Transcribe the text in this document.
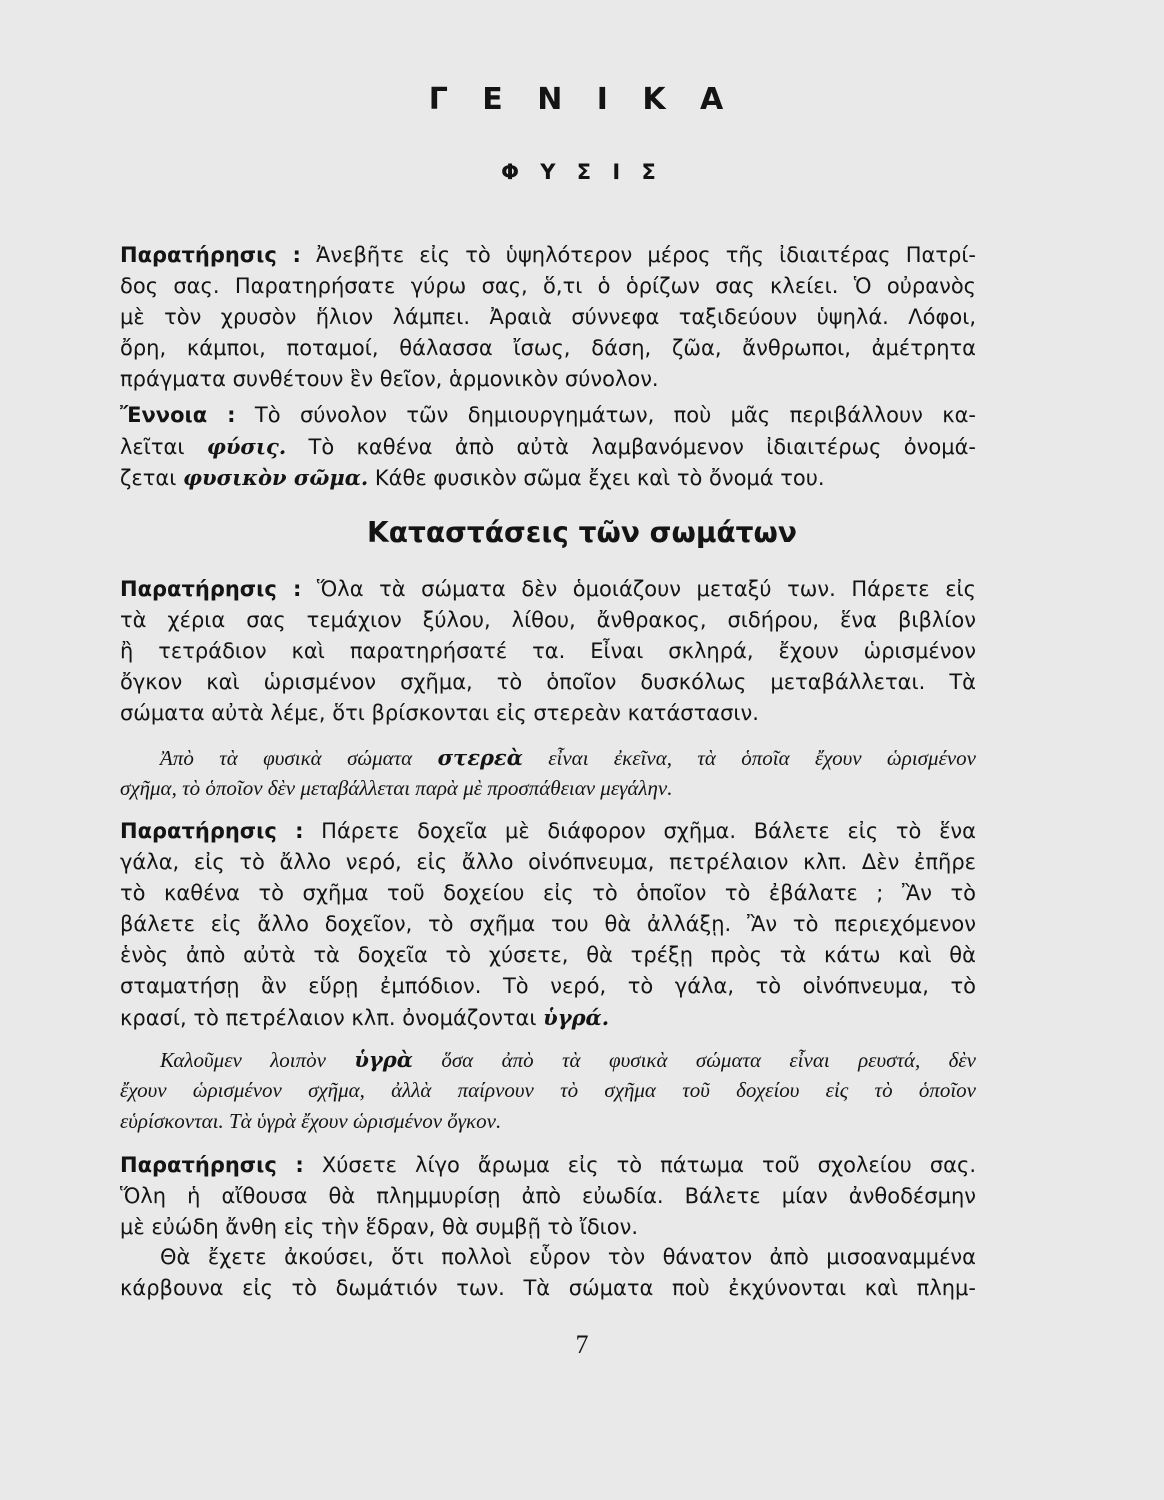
Γ Ε Ν Ι Κ Α
Φ Υ Σ Ι Σ
Παρατήρησις : Ἀνεβῆτε εἰς τὸ ὑψηλότερον μέρος τῆς ἰδιαιτέρας Πατρί-
δος σας. Παρατηρήσατε γύρω σας, ὅ,τι ὁ ὁρίζων σας κλείει. Ὁ οὐρανὸς
μὲ τὸν χρυσὸν ἥλιον λάμπει. Ἀραιὰ σύννεφα ταξιδεύουν ὑψηλά. Λόφοι,
ὄρη, κάμποι, ποταμοί, θάλασσα ἴσως, δάση, ζῶα, ἄνθρωποι, ἀμέτρητα
πράγματα συνθέτουν ἓν θεῖον, ἁρμονικὸν σύνολον.
Ἔννοια : Τὸ σύνολον τῶν δημιουργημάτων, ποὺ μᾶς περιβάλλουν κα-
λεῖται φύσις. Τὸ καθένα ἀπὸ αὐτὰ λαμβανόμενον ἰδιαιτέρως ὀνομά-
ζεται φυσικὸν σῶμα. Κάθε φυσικὸν σῶμα ἔχει καὶ τὸ ὄνομά του.
Καταστάσεις τῶν σωμάτων
Παρατήρησις : Ὅλα τὰ σώματα δὲν ὁμοιάζουν μεταξύ των. Πάρετε εἰς
τὰ χέρια σας τεμάχιον ξύλου, λίθου, ἄνθρακος, σιδήρου, ἕνα βιβλίον
ἢ τετράδιον καὶ παρατηρήσατέ τα. Εἶναι σκληρά, ἔχουν ὡρισμένον
ὄγκον καὶ ὡρισμένον σχῆμα, τὸ ὁποῖον δυσκόλως μεταβάλλεται. Τὰ
σώματα αὐτὰ λέμε, ὅτι βρίσκονται εἰς στερεὰν κατάστασιν.
Ἀπὸ τὰ φυσικὰ σώματα στερεὰ εἶναι ἐκεῖνα, τὰ ὁποῖα ἔχουν ὡρισμένον
σχῆμα, τὸ ὁποῖον δὲν μεταβάλλεται παρὰ μὲ προσπάθειαν μεγάλην.
Παρατήρησις : Πάρετε δοχεῖα μὲ διάφορον σχῆμα. Βάλετε εἰς τὸ ἕνα
γάλα, εἰς τὸ ἄλλο νερό, εἰς ἄλλο οἰνόπνευμα, πετρέλαιον κλπ. Δὲν ἐπῆρε
τὸ καθένα τὸ σχῆμα τοῦ δοχείου εἰς τὸ ὁποῖον τὸ ἐβάλατε ; Ἂν τὸ
βάλετε εἰς ἄλλο δοχεῖον, τὸ σχῆμα του θὰ ἀλλάξῃ. Ἂν τὸ περιεχόμενον
ἑνὸς ἀπὸ αὐτὰ τὰ δοχεῖα τὸ χύσετε, θὰ τρέξῃ πρὸς τὰ κάτω καὶ θὰ
σταματήσῃ ἂν εὕρῃ ἐμπόδιον. Τὸ νερό, τὸ γάλα, τὸ οἰνόπνευμα, τὸ
κρασί, τὸ πετρέλαιον κλπ. ὀνομάζονται ὑγρά.
Καλοῦμεν λοιπὸν ὑγρὰ ὅσα ἀπὸ τὰ φυσικὰ σώματα εἶναι ρευστά, δὲν
ἔχουν ὡρισμένον σχῆμα, ἀλλὰ παίρνουν τὸ σχῆμα τοῦ δοχείου εἰς τὸ ὁποῖον
εὑρίσκονται. Τὰ ὑγρὰ ἔχουν ὡρισμένον ὄγκον.
Παρατήρησις : Χύσετε λίγο ἄρωμα εἰς τὸ πάτωμα τοῦ σχολείου σας.
Ὅλη ἡ αἴθουσα θὰ πλημμυρίσῃ ἀπὸ εὐωδία. Βάλετε μίαν ἀνθοδέσμην
μὲ εὐώδη ἄνθη εἰς τὴν ἕδραν, θὰ συμβῇ τὸ ἴδιον.
Θὰ ἔχετε ἀκούσει, ὅτι πολλοὶ εὗρον τὸν θάνατον ἀπὸ μισοαναμμένα
κάρβουνα εἰς τὸ δωμάτιόν των. Τὰ σώματα ποὺ ἐκχύνονται καὶ πλημ-
7
